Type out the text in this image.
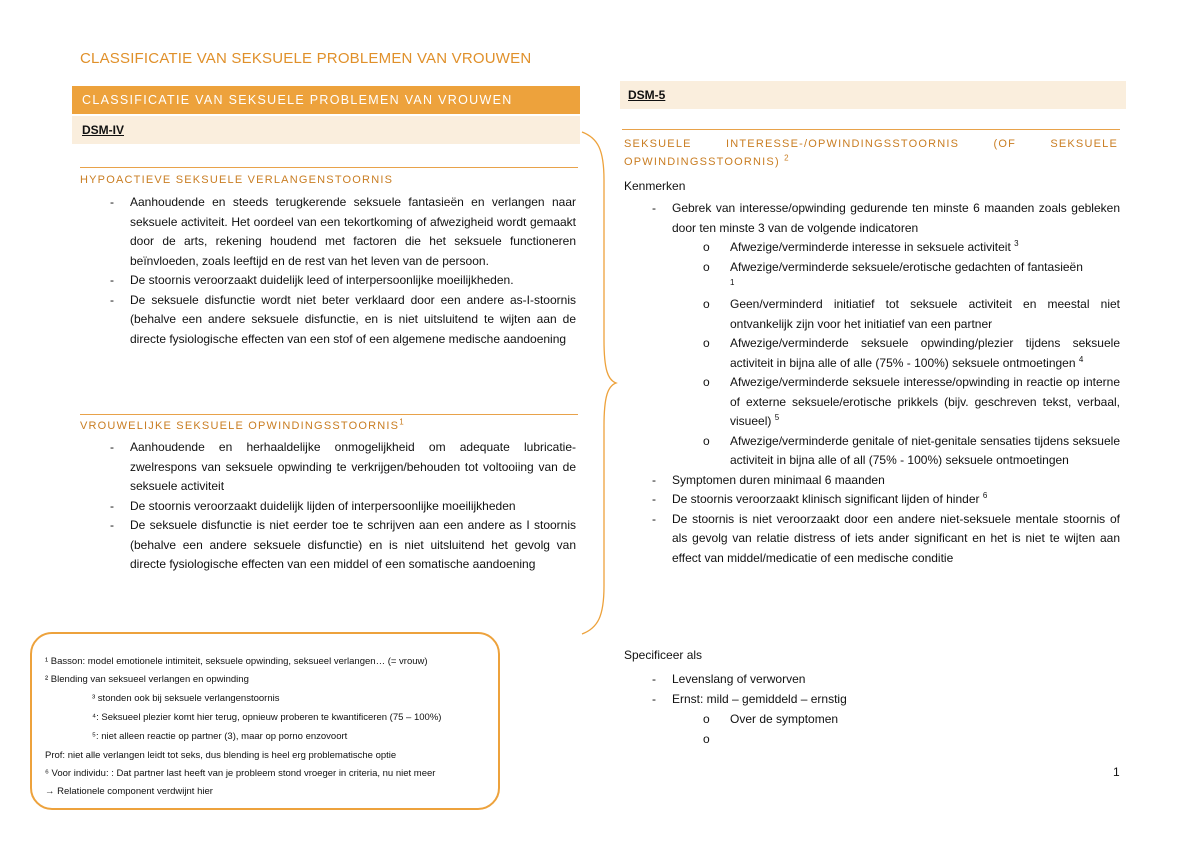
CLASSIFICATIE VAN SEKSUELE PROBLEMEN VAN VROUWEN
CLASSIFICATIE VAN SEKSUELE PROBLEMEN VAN VROUWEN
DSM-IV
HYPOACTIEVE SEKSUELE VERLANGENSTOORNIS
- Aanhoudende en steeds terugkerende seksuele fantasieën en verlangen naar seksuele activiteit. Het oordeel van een tekortkoming of afwezigheid wordt gemaakt door de arts, rekening houdend met factoren die het seksuele functioneren beïnvloeden, zoals leeftijd en de rest van het leven van de persoon.
- De stoornis veroorzaakt duidelijk leed of interpersoonlijke moeilijkheden.
- De seksuele disfunctie wordt niet beter verklaard door een andere as-I-stoornis (behalve een andere seksuele disfunctie, en is niet uitsluitend te wijten aan de directe fysiologische effecten van een stof of een algemene medische aandoening
VROUWELIJKE SEKSUELE OPWINDINGSSTOORNIS$^1$
- Aanhoudende en herhaaldelijke onmogelijkheid om adequate lubricatie-zwelrespons van seksuele opwinding te verkrijgen/behouden tot voltooiing van de seksuele activiteit
- De stoornis veroorzaakt duidelijk lijden of interpersoonlijke moeilijkheden
- De seksuele disfunctie is niet eerder toe te schrijven aan een andere as I stoornis (behalve een andere seksuele disfunctie) en is niet uitsluitend het gevolg van directe fysiologische effecten van een middel of een somatische aandoening
¹ Basson: model emotionele intimiteit, seksuele opwinding, seksueel verlangen… (= vrouw)
² Blending van seksueel verlangen en opwinding
³ stonden ook bij seksuele verlangenstoornis
⁴: Seksueel plezier komt hier terug, opnieuw proberen te kwantificeren (75 – 100%)
⁵: niet alleen reactie op partner (3), maar op porno enzovoort
Prof: niet alle verlangen leidt tot seks, dus blending is heel erg problematische optie
⁶ Voor individu: : Dat partner last heeft van je probleem stond vroeger in criteria, nu niet meer
→ Relationele component verdwijnt hier
DSM-5
SEKSUELE	INTERESSE-/OPWINDINGSSTOORNIS	(OF	SEKSUELE
OPWINDINGSSTOORNIS) $^2$
Kenmerken
- Gebrek van interesse/opwinding gedurende ten minste 6 maanden zoals gebleken door ten minste 3 van de volgende indicatoren
o Afwezige/verminderde interesse in seksuele activiteit $^3$
o Afwezige/verminderde seksuele/erotische gedachten of fantasieën
1
o Geen/verminderd initiatief tot seksuele activiteit en meestal niet ontvankelijk zijn voor het initiatief van een partner
o Afwezige/verminderde seksuele opwinding/plezier tijdens seksuele activiteit in bijna alle of alle (75% - 100%) seksuele ontmoetingen $^4$
o Afwezige/verminderde seksuele interesse/opwinding in reactie op interne of externe seksuele/erotische prikkels (bijv. geschreven tekst, verbaal, visueel) $^5$
o Afwezige/verminderde genitale of niet-genitale sensaties tijdens seksuele activiteit in bijna alle of all (75% - 100%) seksuele ontmoetingen
- Symptomen duren minimaal 6 maanden
- De stoornis veroorzaakt klinisch significant lijden of hinder $^6$
- De stoornis is niet veroorzaakt door een andere niet-seksuele mentale stoornis of als gevolg van relatie distress of iets ander significant en het is niet te wijten aan effect van middel/medicatie of een medische conditie
Specificeer als
- Levenslang of verworven
- Ernst: mild – gemiddeld – ernstig
o Over de symptomen
1
